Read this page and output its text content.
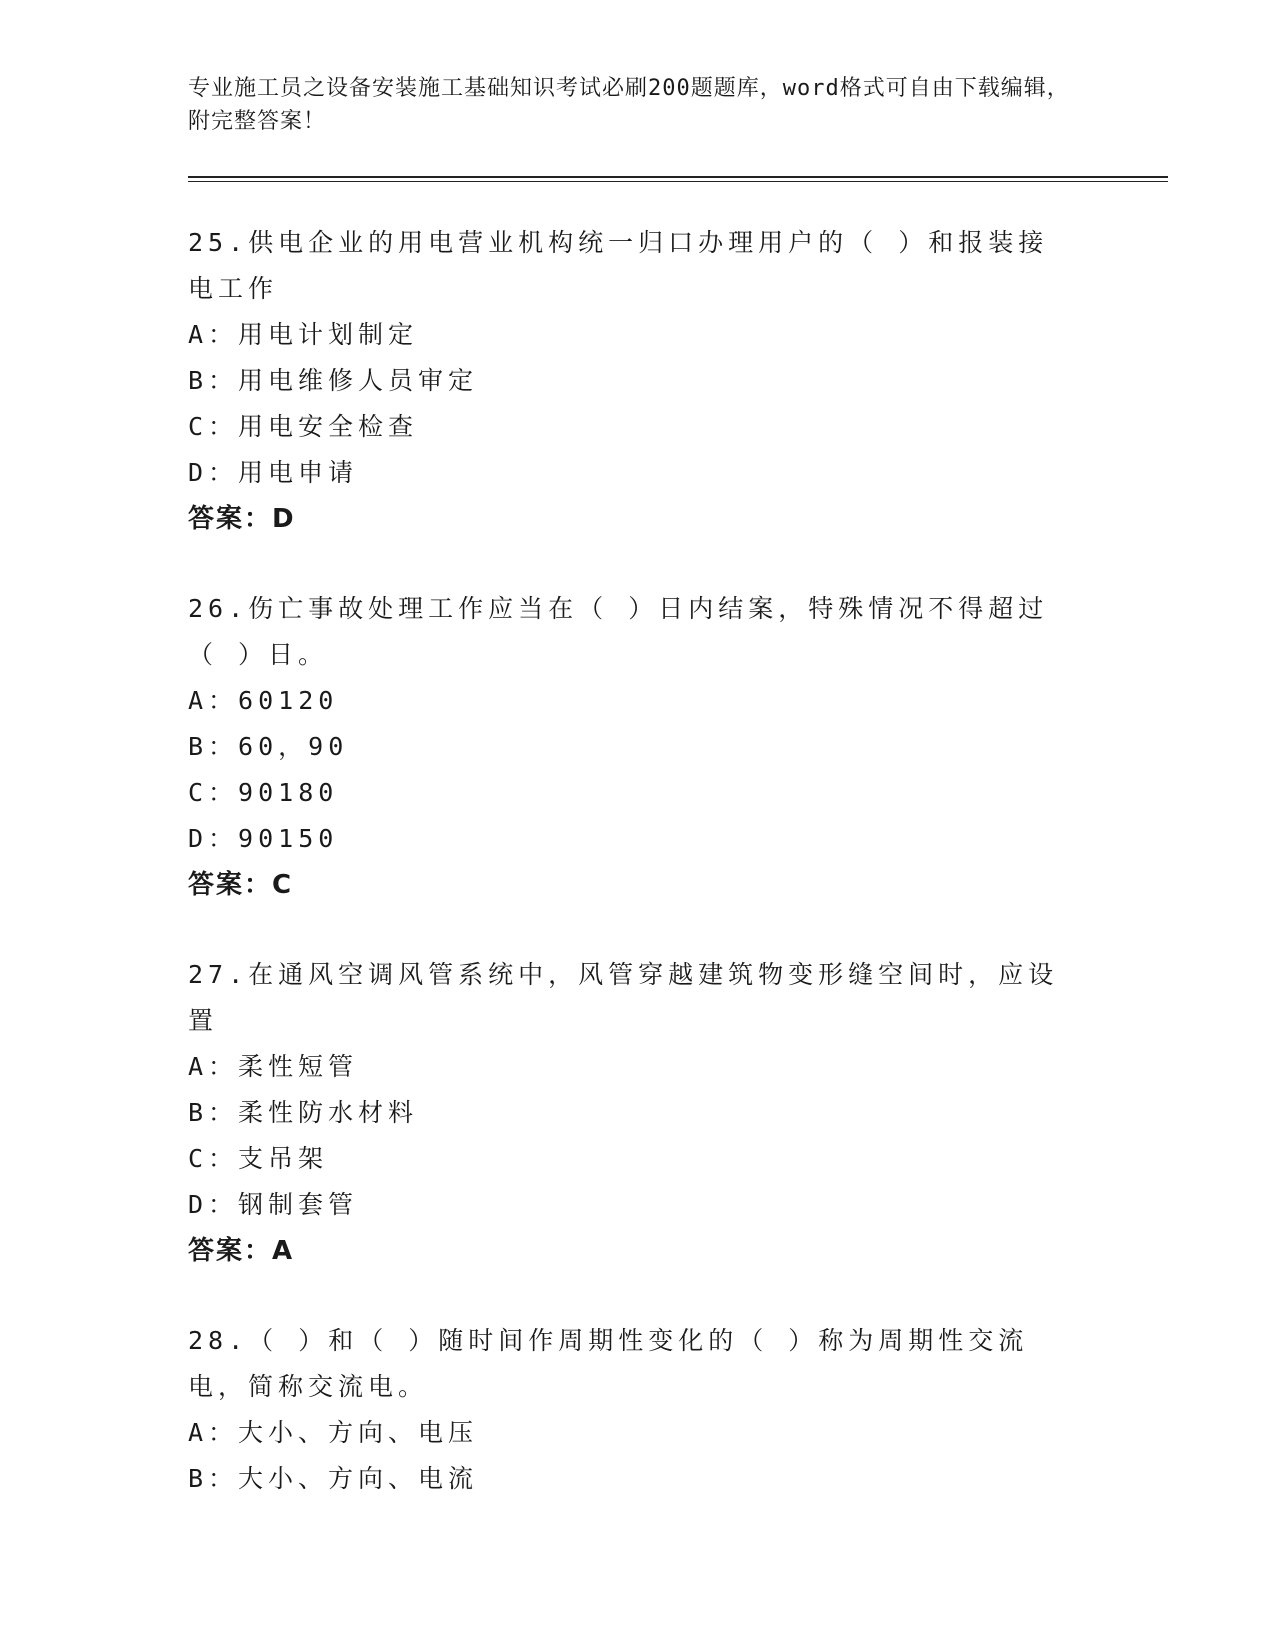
专业施工员之设备安装施工基础知识考试必刷200题题库，word格式可自由下载编辑，附完整答案！

25.供电企业的用电营业机构统一归口办理用户的（ ）和报装接电工作

A：用电计划制定

B：用电维修人员审定

C：用电安全检查

D：用电申请

答案：D

26.伤亡事故处理工作应当在（ ）日内结案，特殊情况不得超过（ ）日。

A：60120

B：60，90

C：90180

D：90150

答案：C

27.在通风空调风管系统中，风管穿越建筑物变形缝空间时，应设置

A：柔性短管

B：柔性防水材料

C：支吊架

D：钢制套管

答案：A

28.（ ）和（ ）随时间作周期性变化的（ ）称为周期性交流电，简称交流电。

A：大小、方向、电压

B：大小、方向、电流
